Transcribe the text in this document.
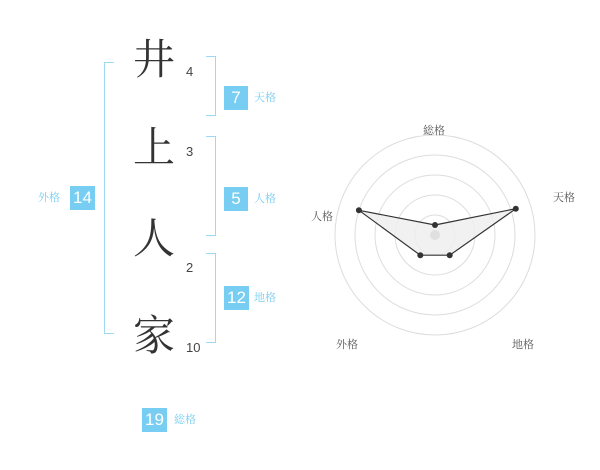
井 4
上 3
人
2
家 10
7	天格
5	人格
12 地格
14
外格
19 総格
総格
天格
地格
外格
人格
